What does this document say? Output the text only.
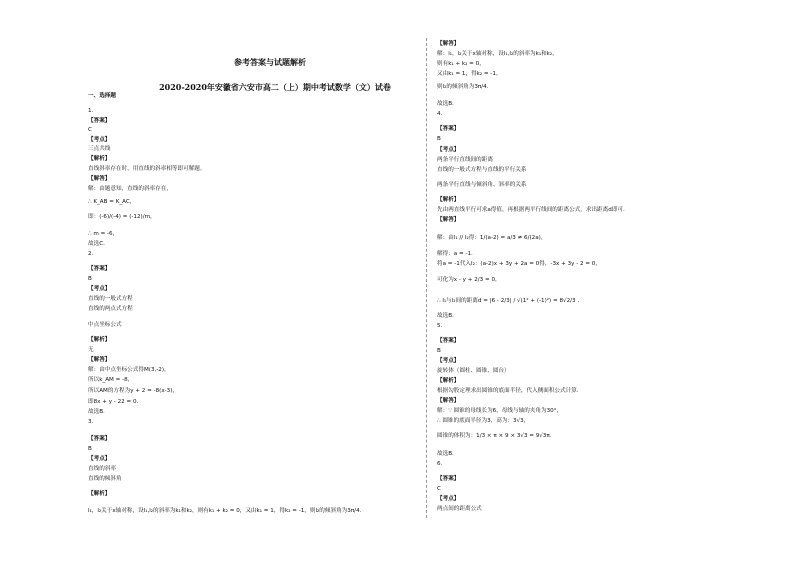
参考答案与试题解析
2020-2020年安徽省六安市高二（上）期中考试数学（文）试卷
一、选择题
1.
【答案】
C
【考点】
三点共线
【解析】
直线斜率存在时，用直线的斜率相等即可解题。
【解答】
解：由题意知，直线的斜率存在，
∴ K_AB = K_AC，
即：(-6)/(-4) = (-12)/m，
∴ m = -6，
故选C.
2.
【答案】
B
【考点】
直线的一般式方程
直线的两点式方程
中点坐标公式
【解析】
无
【解答】
解：由中点坐标公式得M(3,-2)，
所以k_AM = -8，
所以AM的方程为y + 2 = -8(x-3)，
即8x + y - 22 = 0.
故选B.
3.
【答案】
B
【考点】
直线的斜率
直线的倾斜角
【解析】
l₁，l₂关于x轴对称，设l₁,l₂的斜率为k₁和k₂，则有k₁ + k₂ = 0，又由k₁ = 1，得k₂ = -1，则l₂的倾斜角为3π/4.
【解答】
解：l₁，l₂关于x轴对称，设l₁,l₂的斜率为k₁和k₂，
则有k₁ + k₂ = 0，
又由k₁ = 1，得k₂ = -1，
则l₂的倾斜角为3π/4.
故选B.
4.
【答案】
B
【考点】
两条平行直线间的距离
直线的一般式方程与直线的平行关系
两条平行直线与倾斜角、斜率的关系
【解析】
先由两直线平行可求a得值，再根据两平行线间的距离公式，求出距离d即可.
【解答】
解：由l₁ // l₂得：1/(a-2) = a/3 ≠ 6/(2a)，
解得：a = -1.
将a = -1代入l₂：(a-2)x + 3y + 2a = 0得，-3x + 3y - 2 = 0，
可化为x - y + 2/3 = 0，
∴ l₁与l₂间的距离d = |6 - 2/3| / √(1² + (-1)²) = 8√2/3 .
故选B.
5.
【答案】
B
【考点】
旋转体（圆柱、圆锥、圆台）
【解析】
根据勾股定理求出圆锥的底面半径，代入侧面积公式计算.
【解答】
解：∵ 圆锥的母线长为6，母线与轴的夹角为30°，
∴ 圆锥的底面半径为3，高为：3√3，
圆锥的体积为：1/3 × π × 9 × 3√3 = 9√3π.
故选B.
6.
【答案】
C
【考点】
两点间的距离公式
